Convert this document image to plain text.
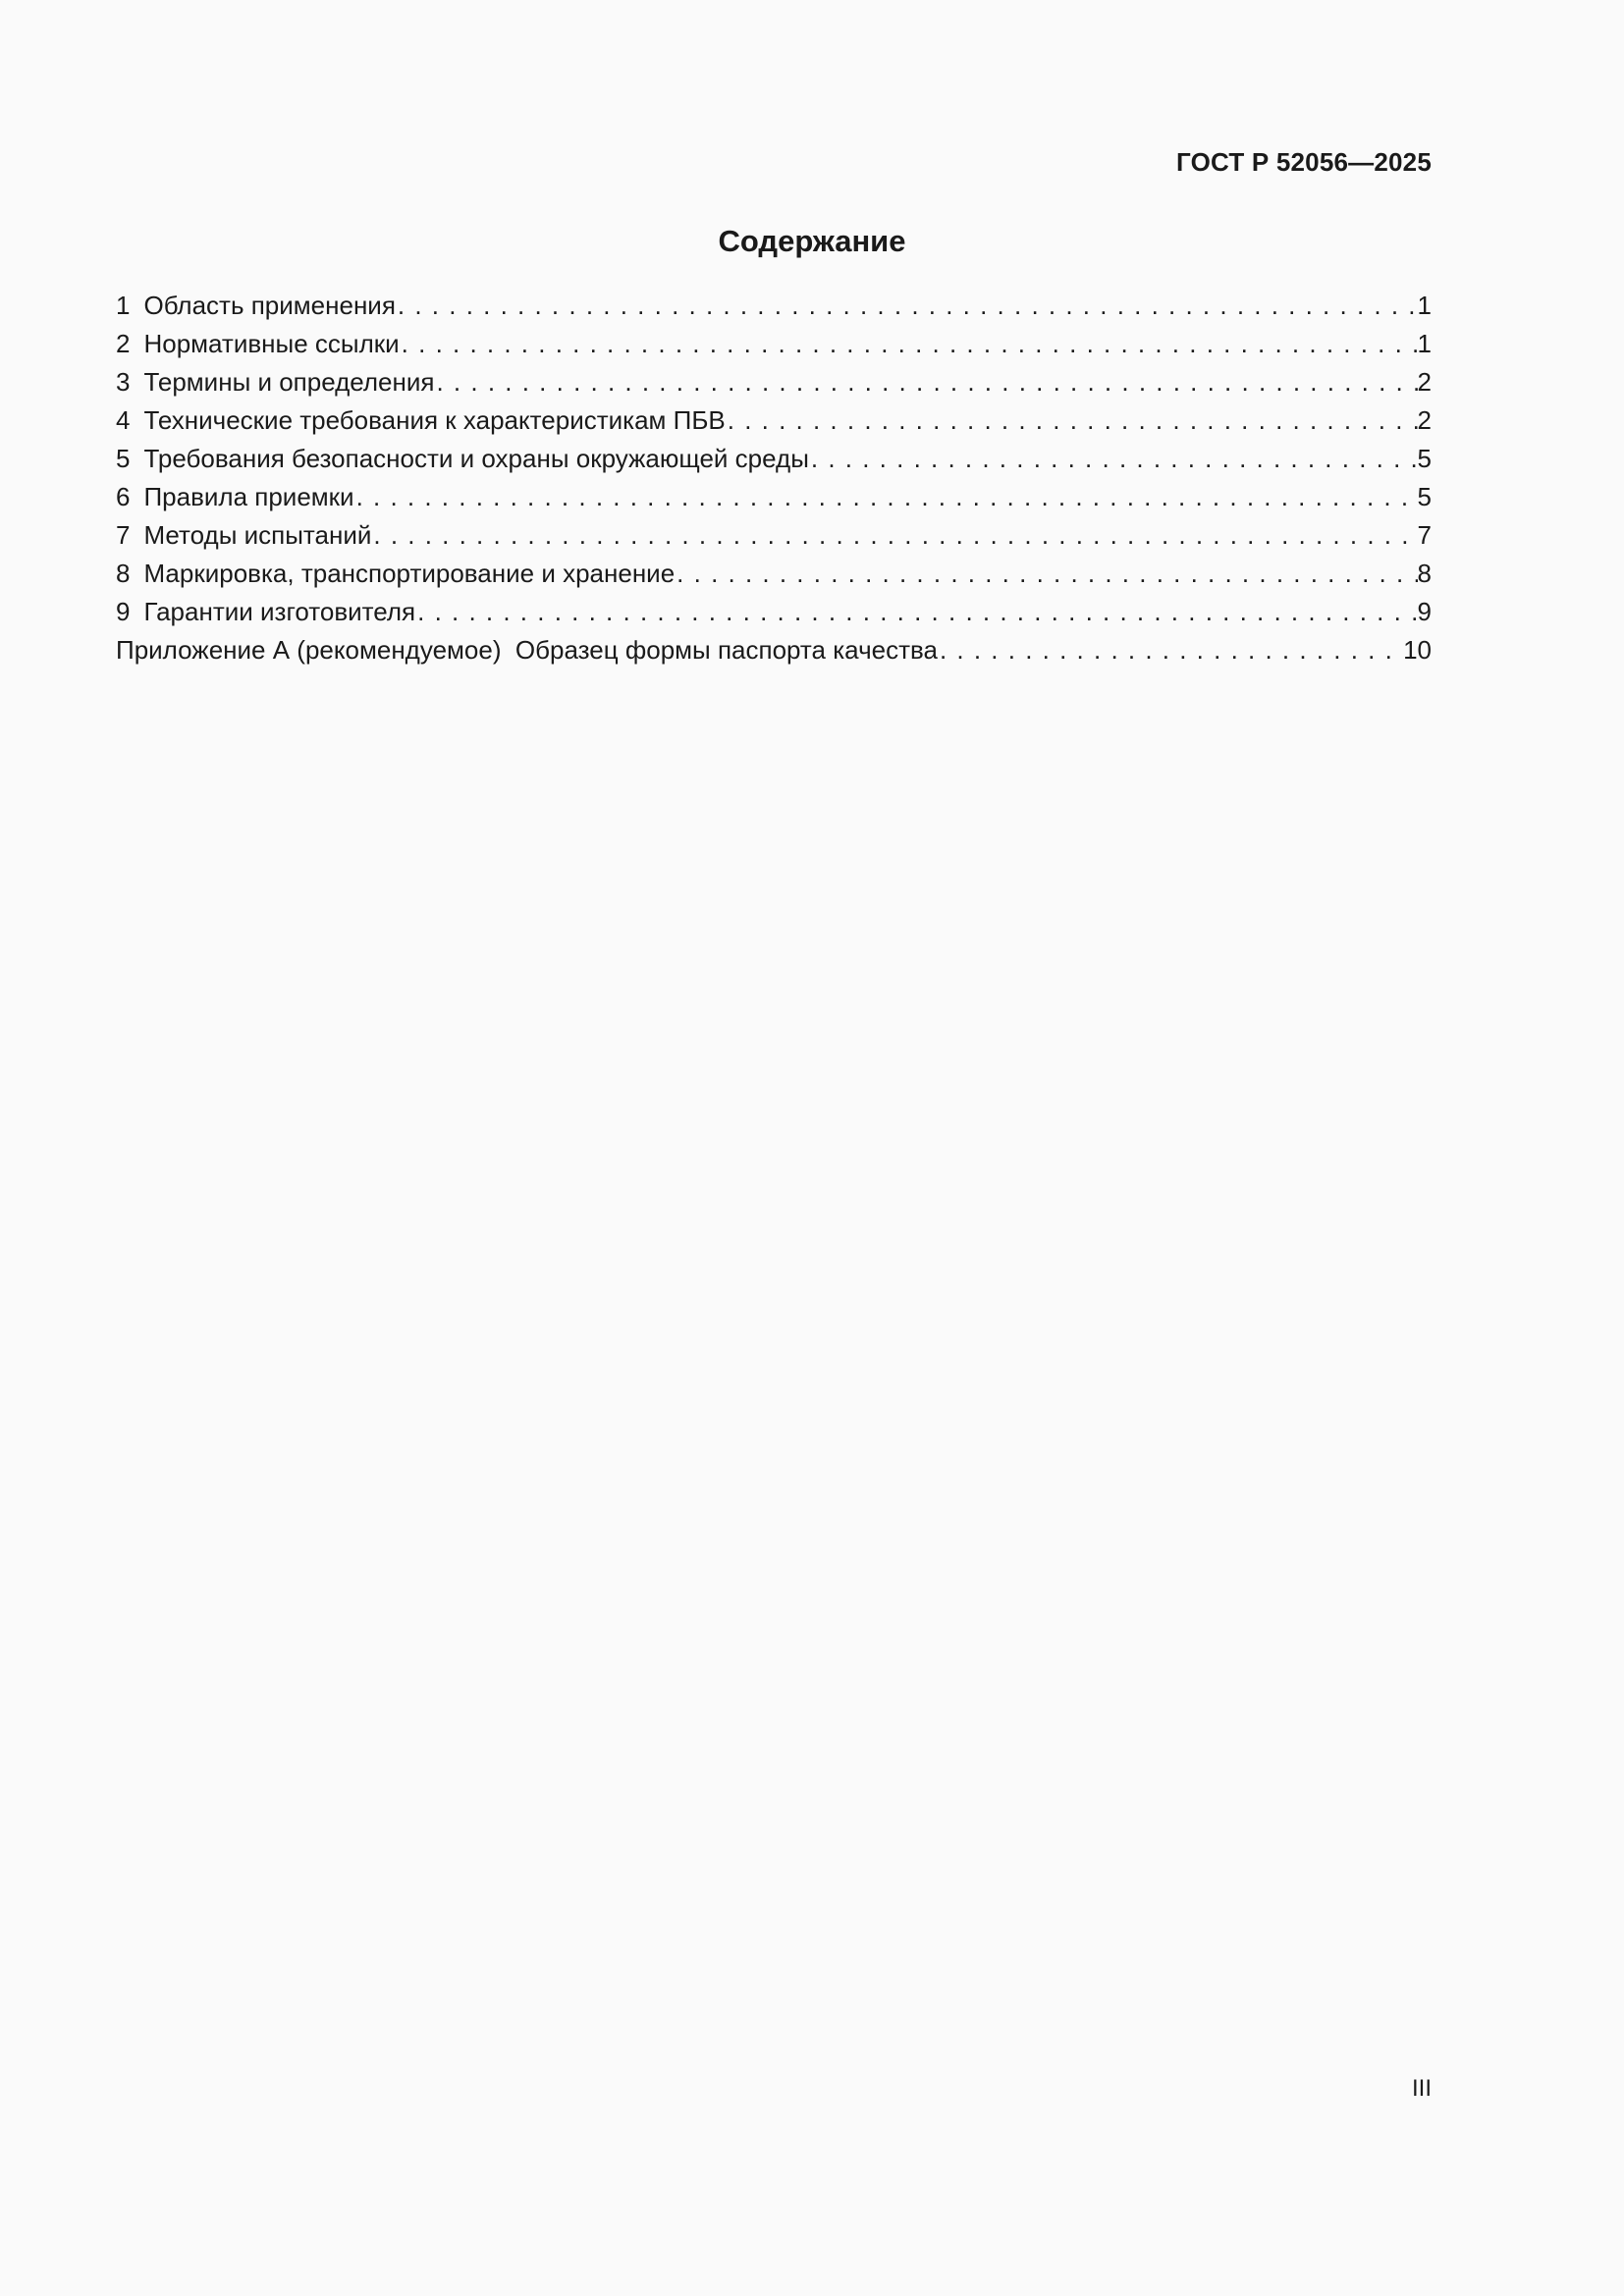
ГОСТ Р 52056—2025
Содержание
1 Область применения . . .	1
2 Нормативные ссылки . . .	1
3 Термины и определения . . .	2
4 Технические требования к характеристикам ПБВ . . .	2
5 Требования безопасности и охраны окружающей среды . . .	5
6 Правила приемки . . .	5
7 Методы испытаний . . .	7
8 Маркировка, транспортирование и хранение . . .	8
9 Гарантии изготовителя . . .	9
Приложение А (рекомендуемое)  Образец формы паспорта качества . . .	10
III
